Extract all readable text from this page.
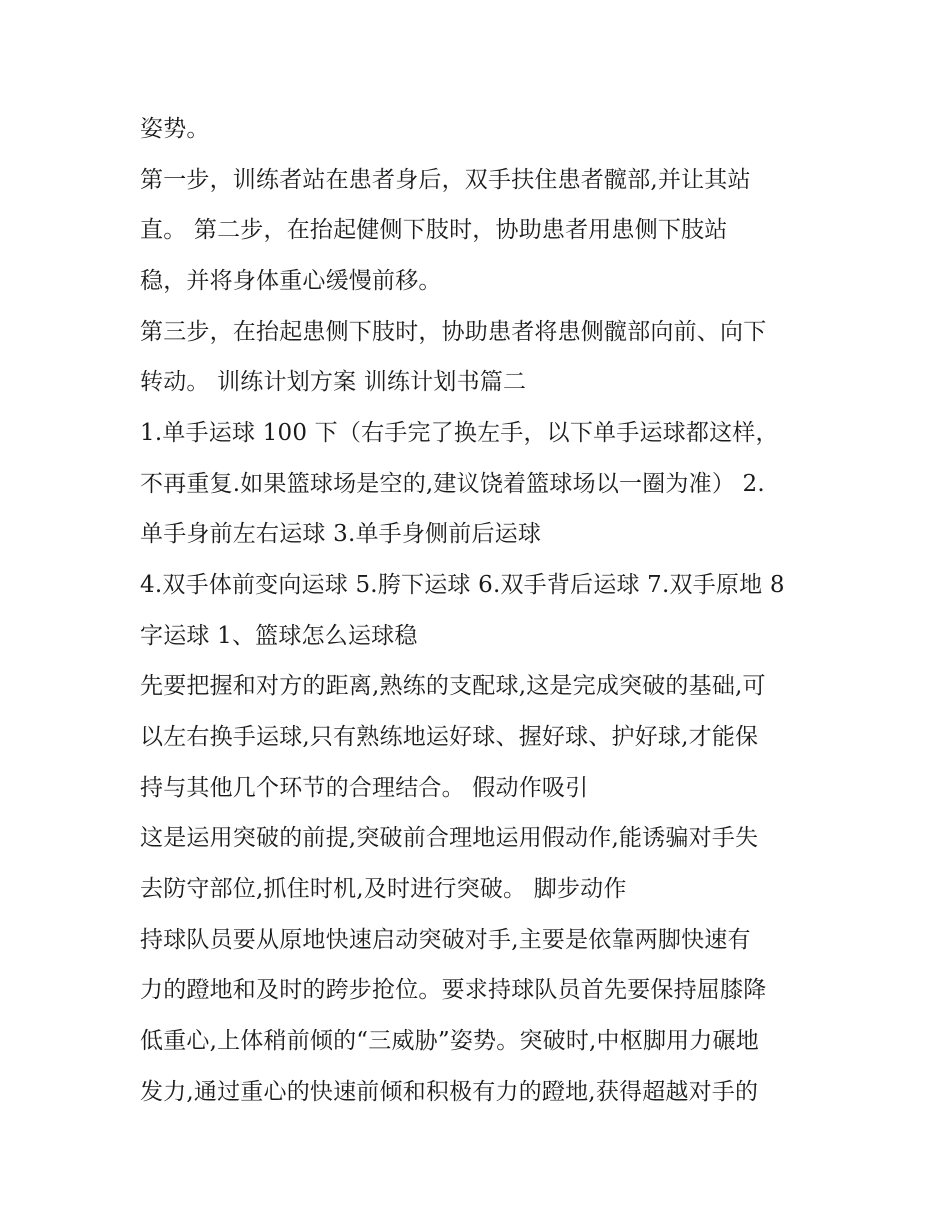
姿势。
第一步，训练者站在患者身后，双手扶住患者髋部,并让其站
直。 第二步，在抬起健侧下肢时，协助患者用患侧下肢站
稳，并将身体重心缓慢前移。
第三步，在抬起患侧下肢时，协助患者将患侧髋部向前、向下
转动。 训练计划方案 训练计划书篇二
1.单手运球 100 下（右手完了换左手，以下单手运球都这样，
不再重复.如果篮球场是空的,建议饶着篮球场以一圈为准） 2.
单手身前左右运球 3.单手身侧前后运球
4.双手体前变向运球 5.胯下运球 6.双手背后运球 7.双手原地 8
字运球 1、篮球怎么运球稳
先要把握和对方的距离,熟练的支配球,这是完成突破的基础,可
以左右换手运球,只有熟练地运好球、握好球、护好球,才能保
持与其他几个环节的合理结合。 假动作吸引
这是运用突破的前提,突破前合理地运用假动作,能诱骗对手失
去防守部位,抓住时机,及时进行突破。 脚步动作
持球队员要从原地快速启动突破对手,主要是依靠两脚快速有
力的蹬地和及时的跨步抢位。要求持球队员首先要保持屈膝降
低重心,上体稍前倾的“三威胁”姿势。突破时,中枢脚用力碾地
发力,通过重心的快速前倾和积极有力的蹬地,获得超越对手的
